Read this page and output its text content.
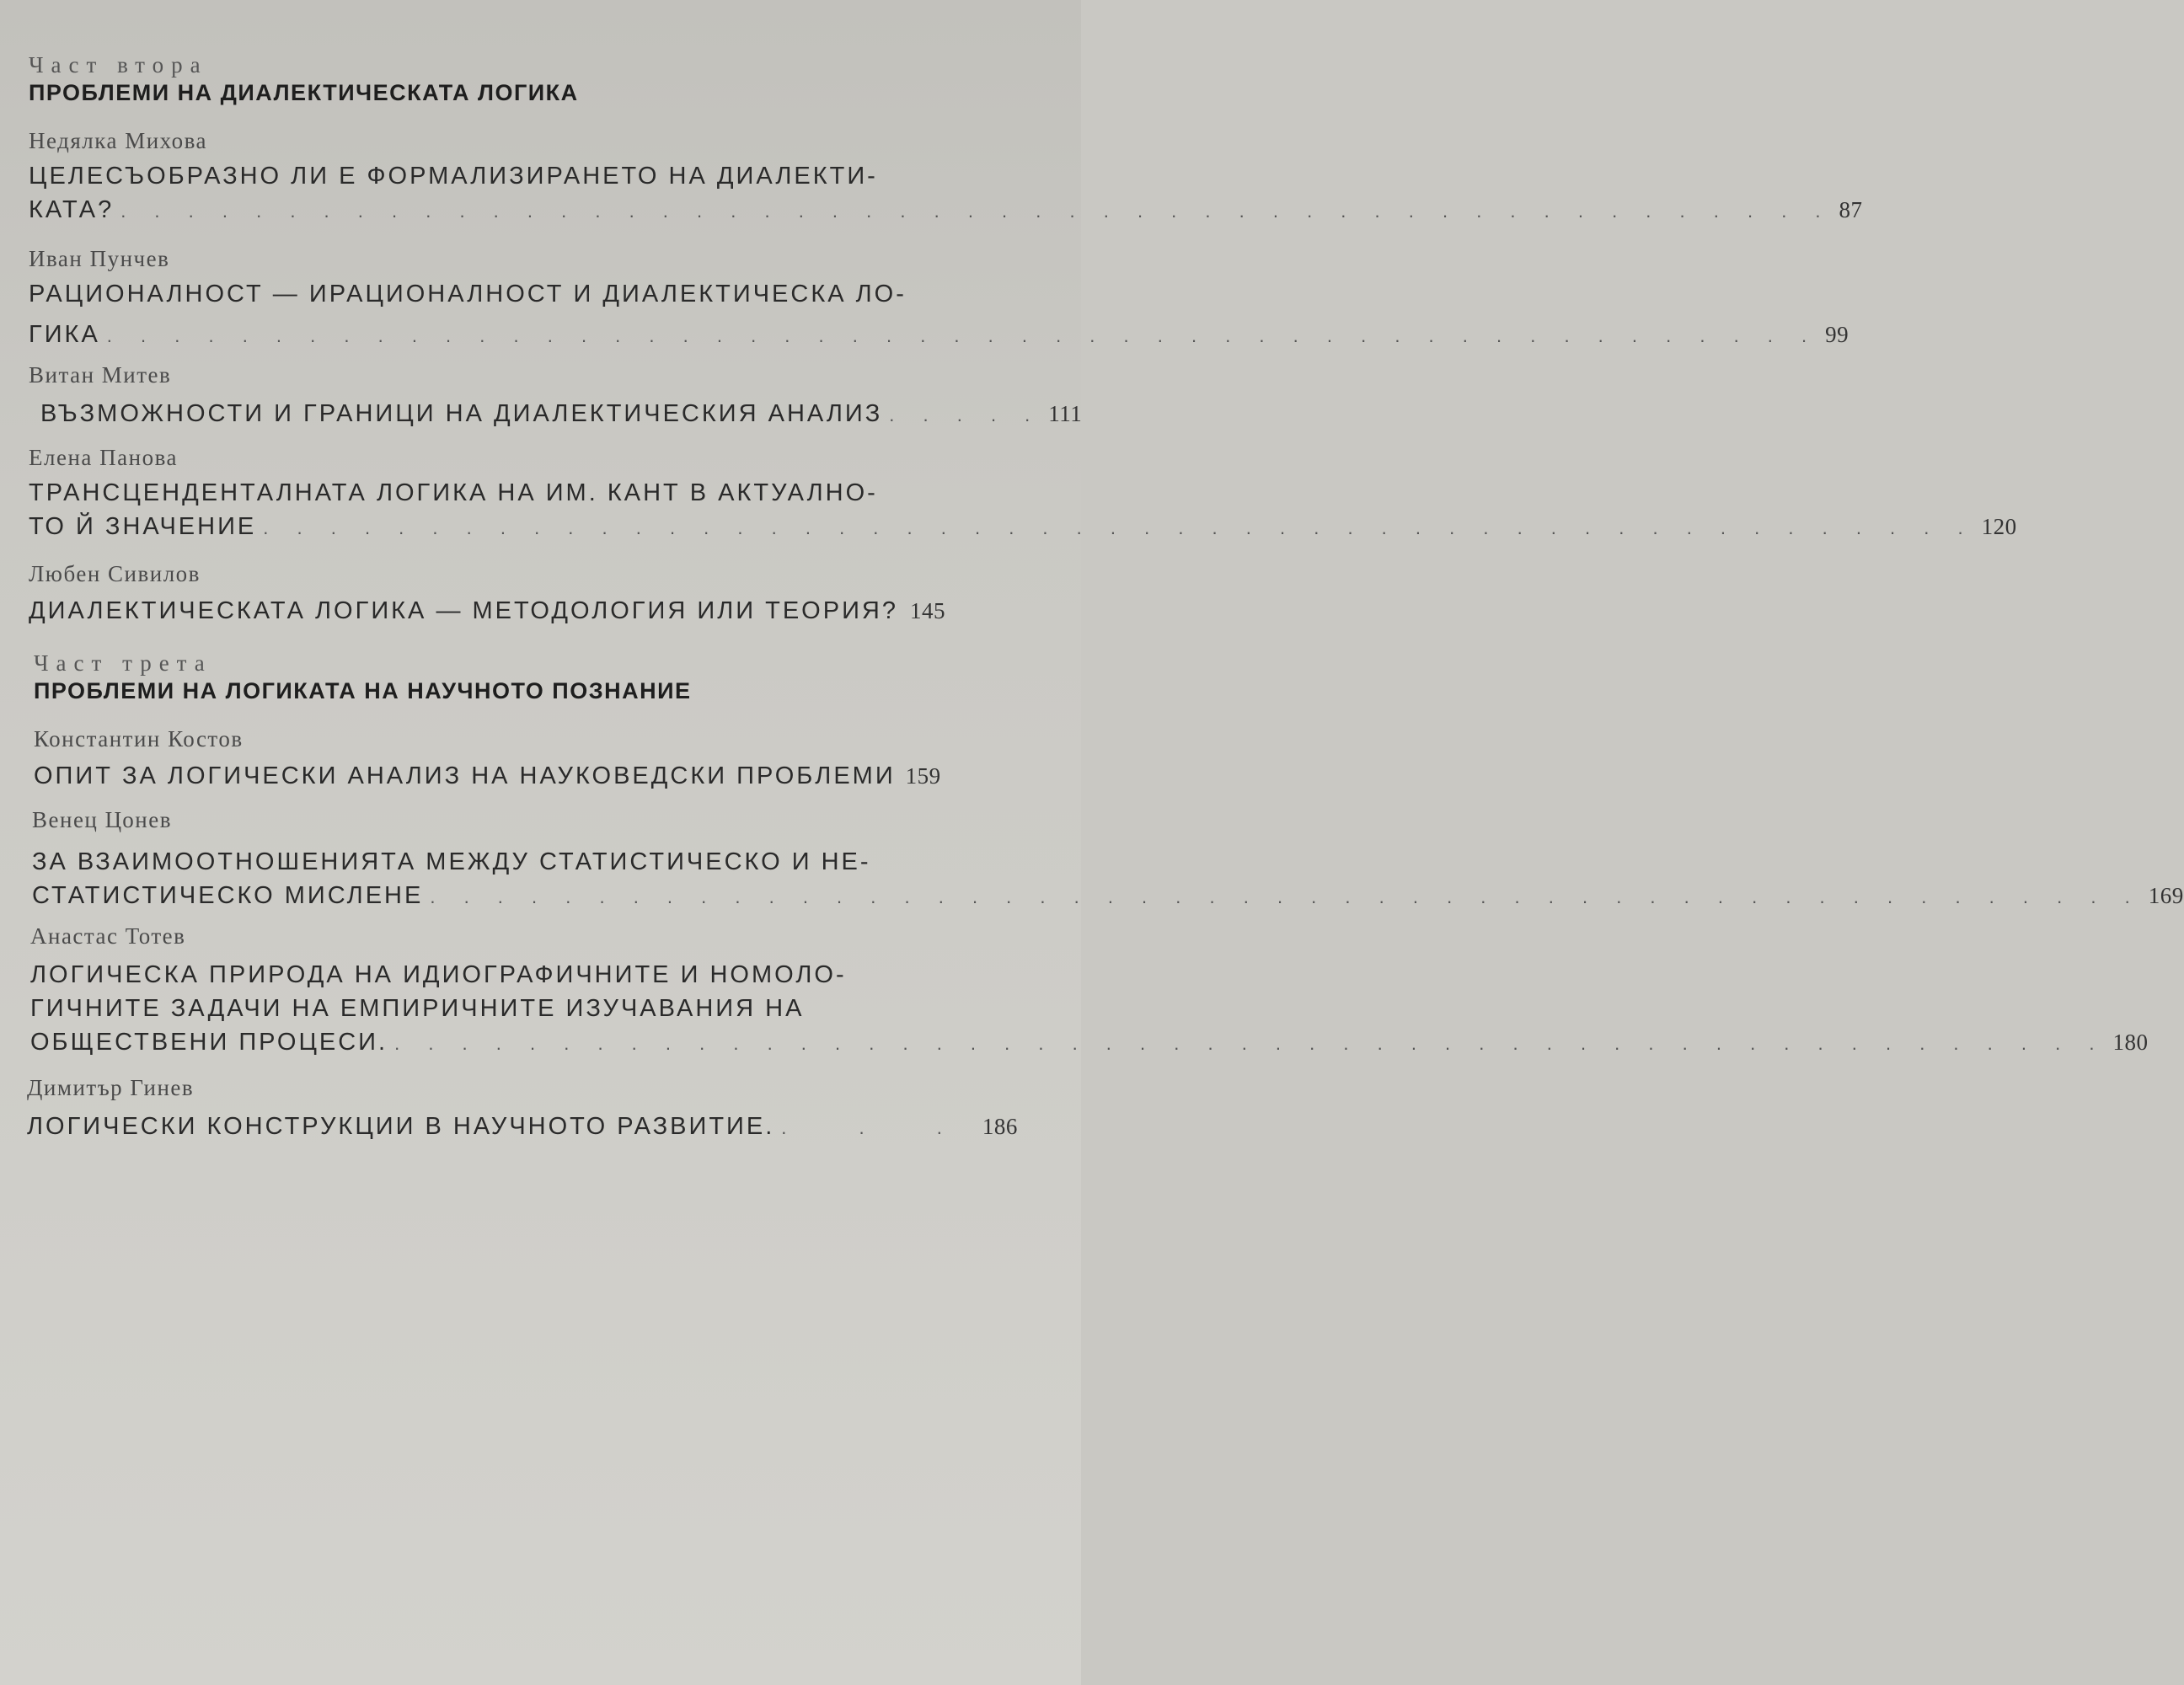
Част втора
ПРОБЛЕМИ НА ДИАЛЕКТИЧЕСКАТА ЛОГИКА
Недялка Михова
ЦЕЛЕСЪОБРАЗНО ЛИ Е ФОРМАЛИЗИРАНЕТО НА ДИАЛЕКТИ-
КАТА? . . . . . . . . . . . . . . . . . . . . . . . . . . . . . . . . . . . . . . . . . . . . . . . . . . . 87
Иван Пунчев
РАЦИОНАЛНОСТ — ИРАЦИОНАЛНОСТ И ДИАЛЕКТИЧЕСКА ЛО-
ГИКА . . . . . . . . . . . . . . . . . . . . . . . . . . . . . . . . . . . . . . . . . . . . . . . . . . . 99
Витан Митев
ВЪЗМОЖНОСТИ И ГРАНИЦИ НА ДИАЛЕКТИЧЕСКИЯ АНАЛИЗ . . . . . 111
Елена Панова
ТРАНСЦЕНДЕНТАЛНАТА ЛОГИКА НА ИМ. КАНТ В АКТУАЛНО-
ТО Й ЗНАЧЕНИЕ . . . . . . . . . . . . . . . . . . . . . . . . . . . . . . . . . . . . . . . . . . . . . . . . . . . 120
Любен Сивилов
ДИАЛЕКТИЧЕСКАТА ЛОГИКА — МЕТОДОЛОГИЯ ИЛИ ТЕОРИЯ? 145
Част трета
ПРОБЛЕМИ НА ЛОГИКАТА НА НАУЧНОТО ПОЗНАНИЕ
Константин Костов
ОПИТ ЗА ЛОГИЧЕСКИ АНАЛИЗ НА НАУКОВЕДСКИ ПРОБЛЕМИ 159
Венец Цонев
ЗА ВЗАИМООТНОШЕНИЯТА МЕЖДУ СТАТИСТИЧЕСКО И НЕ-
СТАТИСТИЧЕСКО МИСЛЕНЕ . . . . . . . . . . . . . . . . . . . . . . . . . . . . . . . . . . . . . . . . . . . . . . . . . . . 169
Анастас Тотев
ЛОГИЧЕСКА ПРИРОДА НА ИДИОГРАФИЧНИТЕ И НОМОЛО-
ГИЧНИТЕ ЗАДАЧИ НА ЕМПИРИЧНИТЕ ИЗУЧАВАНИЯ НА
ОБЩЕСТВЕНИ ПРОЦЕСИ. . . . . . . . . . . . . . . . . . . . . . . . . . . . . . . . . . . . . . . . . . . . . . . . . . . . 180
Димитър Гинев
ЛОГИЧЕСКИ КОНСТРУКЦИИ В НАУЧНОТО РАЗВИТИЕ. . . . 186
